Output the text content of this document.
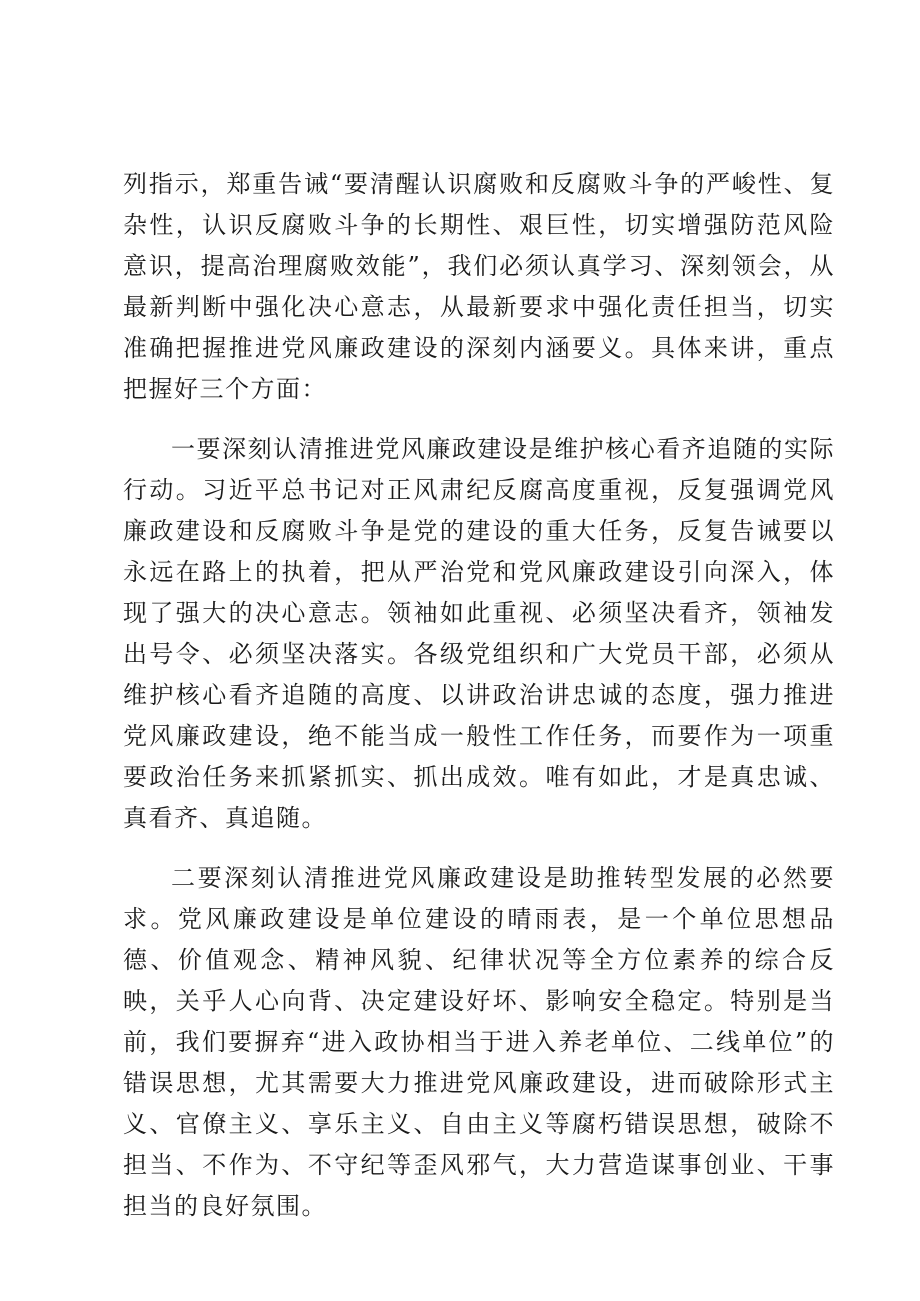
列指示，郑重告诫“要清醒认识腐败和反腐败斗争的严峻性、复杂性，认识反腐败斗争的长期性、艰巨性，切实增强防范风险意识，提高治理腐败效能”，我们必须认真学习、深刻领会，从最新判断中强化决心意志，从最新要求中强化责任担当，切实准确把握推进党风廉政建设的深刻内涵要义。具体来讲，重点把握好三个方面：

一要深刻认清推进党风廉政建设是维护核心看齐追随的实际行动。习近平总书记对正风肃纪反腐高度重视，反复强调党风廉政建设和反腐败斗争是党的建设的重大任务，反复告诫要以永远在路上的执着，把从严治党和党风廉政建设引向深入，体现了强大的决心意志。领袖如此重视、必须坚决看齐，领袖发出号令、必须坚决落实。各级党组织和广大党员干部，必须从维护核心看齐追随的高度、以讲政治讲忠诚的态度，强力推进党风廉政建设，绝不能当成一般性工作任务，而要作为一项重要政治任务来抓紧抓实、抓出成效。唯有如此，才是真忠诚、真看齐、真追随。

二要深刻认清推进党风廉政建设是助推转型发展的必然要求。党风廉政建设是单位建设的晴雨表，是一个单位思想品德、价值观念、精神风貌、纪律状况等全方位素养的综合反映，关乎人心向背、决定建设好坏、影响安全稳定。特别是当前，我们要摒弃“进入政协相当于进入养老单位、二线单位”的错误思想，尤其需要大力推进党风廉政建设，进而破除形式主义、官僚主义、享乐主义、自由主义等腐朽错误思想，破除不担当、不作为、不守纪等歪风邪气，大力营造谋事创业、干事担当的良好氛围。
